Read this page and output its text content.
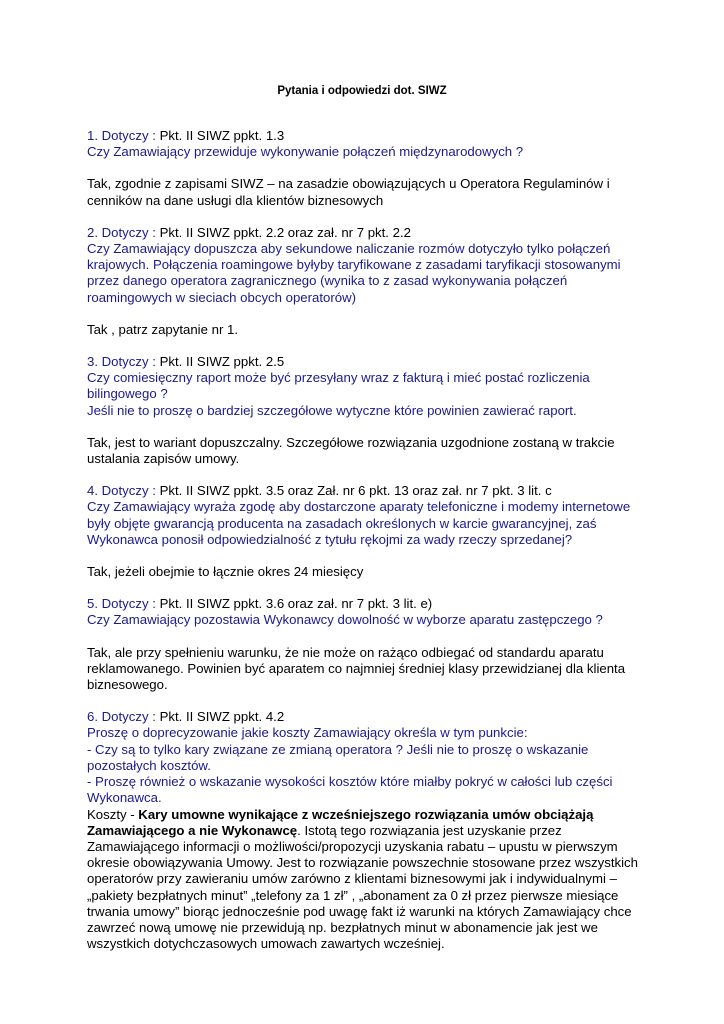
Pytania i odpowiedzi dot. SIWZ

1. Dotyczy : Pkt. II SIWZ ppkt. 1.3

Czy Zamawiający przewiduje wykonywanie połączeń międzynarodowych ?

Tak, zgodnie z zapisami SIWZ – na zasadzie obowiązujących u Operatora Regulaminów i cenników na dane usługi dla klientów biznesowych

2. Dotyczy : Pkt. II SIWZ ppkt. 2.2 oraz zał. nr 7 pkt. 2.2

Czy Zamawiający dopuszcza aby sekundowe naliczanie rozmów dotyczyło tylko połączeń krajowych. Połączenia roamingowe byłyby taryfikowane z zasadami taryfikacji stosowanymi przez danego operatora zagranicznego (wynika to z zasad wykonywania połączeń roamingowych w sieciach obcych operatorów)

Tak , patrz zapytanie nr 1.

3. Dotyczy : Pkt. II SIWZ ppkt. 2.5

Czy comiesięczny raport może być przesyłany wraz z fakturą i mieć postać rozliczenia bilingowego ?

Jeśli nie to proszę o bardziej szczegółowe wytyczne które powinien zawierać raport.

Tak, jest to wariant dopuszczalny. Szczegółowe rozwiązania uzgodnione zostaną w trakcie ustalania zapisów umowy.

4. Dotyczy : Pkt. II SIWZ ppkt. 3.5 oraz Zał. nr 6 pkt. 13 oraz zał. nr 7 pkt. 3 lit. c

Czy Zamawiający wyraża zgodę aby dostarczone aparaty telefoniczne i modemy internetowe były objęte gwarancją producenta na zasadach określonych w karcie gwarancyjnej, zaś Wykonawca ponosił odpowiedzialność z tytułu rękojmi za wady rzeczy sprzedanej?

Tak, jeżeli obejmie to łącznie okres 24 miesięcy

5. Dotyczy : Pkt. II SIWZ ppkt. 3.6 oraz zał. nr 7 pkt. 3 lit. e)

Czy Zamawiający pozostawia Wykonawcy dowolność w wyborze aparatu zastępczego ?

Tak, ale przy spełnieniu warunku, że nie może on rażąco odbiegać od standardu aparatu reklamowanego. Powinien być aparatem co najmniej średniej klasy przewidzianej dla klienta biznesowego.

6. Dotyczy : Pkt. II SIWZ ppkt. 4.2

Proszę o doprecyzowanie jakie koszty Zamawiający określa w tym punkcie:

- Czy są to tylko kary związane ze zmianą operatora ? Jeśli nie to proszę o wskazanie pozostałych kosztów.

- Proszę również o wskazanie wysokości kosztów które miałby pokryć w całości lub części Wykonawca.

Koszty - Kary umowne wynikające z wcześniejszego rozwiązania umów obciążają Zamawiającego a nie Wykonawcę. Istotą tego rozwiązania jest uzyskanie przez Zamawiającego informacji o możliwości/propozycji uzyskania rabatu – upustu w pierwszym okresie obowiązywania Umowy. Jest to rozwiązanie powszechnie stosowane przez wszystkich operatorów przy zawieraniu umów zarówno z klientami biznesowymi jak i indywidualnymi – „pakiety bezpłatnych minut” „telefony za 1 zł” , „abonament za 0 zł przez pierwsze miesiące trwania umowy” biorąc jednocześnie pod uwagę fakt iż warunki na których Zamawiający chce zawrzeć nową umowę nie przewidują np. bezpłatnych minut w abonamencie jak jest we wszystkich dotychczasowych umowach zawartych wcześniej.
